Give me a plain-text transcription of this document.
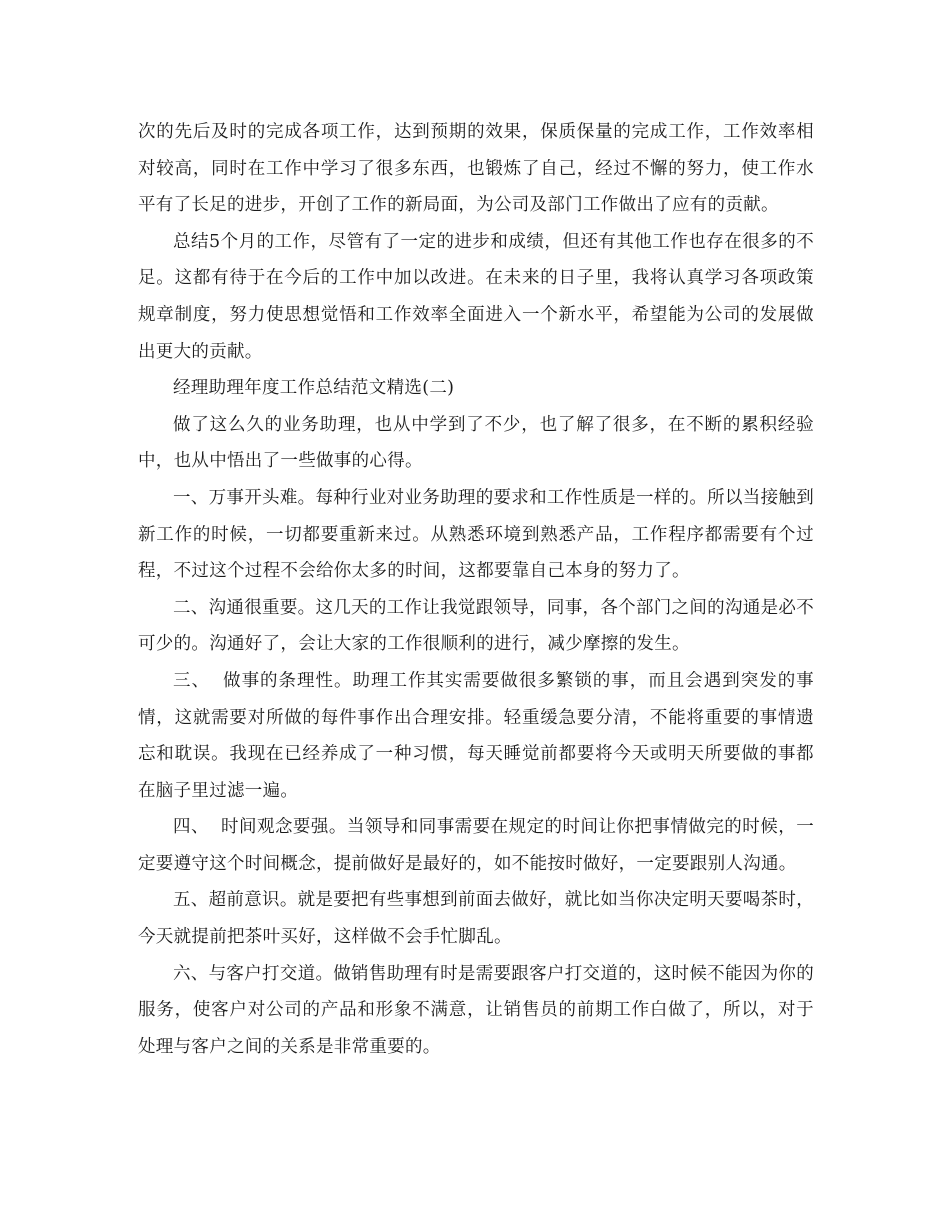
次的先后及时的完成各项工作，达到预期的效果，保质保量的完成工作，工作效率相对较高，同时在工作中学习了很多东西，也锻炼了自己，经过不懈的努力，使工作水平有了长足的进步，开创了工作的新局面，为公司及部门工作做出了应有的贡献。

总结5个月的工作，尽管有了一定的进步和成绩，但还有其他工作也存在很多的不足。这都有待于在今后的工作中加以改进。在未来的日子里，我将认真学习各项政策规章制度，努力使思想觉悟和工作效率全面进入一个新水平，希望能为公司的发展做出更大的贡献。

经理助理年度工作总结范文精选(二)

做了这么久的业务助理，也从中学到了不少，也了解了很多，在不断的累积经验中，也从中悟出了一些做事的心得。

一、万事开头难。每种行业对业务助理的要求和工作性质是一样的。所以当接触到新工作的时候，一切都要重新来过。从熟悉环境到熟悉产品，工作程序都需要有个过程，不过这个过程不会给你太多的时间，这都要靠自己本身的努力了。

二、沟通很重要。这几天的工作让我觉跟领导，同事，各个部门之间的沟通是必不可少的。沟通好了，会让大家的工作很顺利的进行，减少摩擦的发生。

三、  做事的条理性。助理工作其实需要做很多繁锁的事，而且会遇到突发的事情，这就需要对所做的每件事作出合理安排。轻重缓急要分清，不能将重要的事情遗忘和耽误。我现在已经养成了一种习惯，每天睡觉前都要将今天或明天所要做的事都在脑子里过滤一遍。

四、  时间观念要强。当领导和同事需要在规定的时间让你把事情做完的时候，一定要遵守这个时间概念，提前做好是最好的，如不能按时做好，一定要跟别人沟通。

五、超前意识。就是要把有些事想到前面去做好，就比如当你决定明天要喝茶时，今天就提前把茶叶买好，这样做不会手忙脚乱。

六、与客户打交道。做销售助理有时是需要跟客户打交道的，这时候不能因为你的服务，使客户对公司的产品和形象不满意，让销售员的前期工作白做了，所以，对于处理与客户之间的关系是非常重要的。
